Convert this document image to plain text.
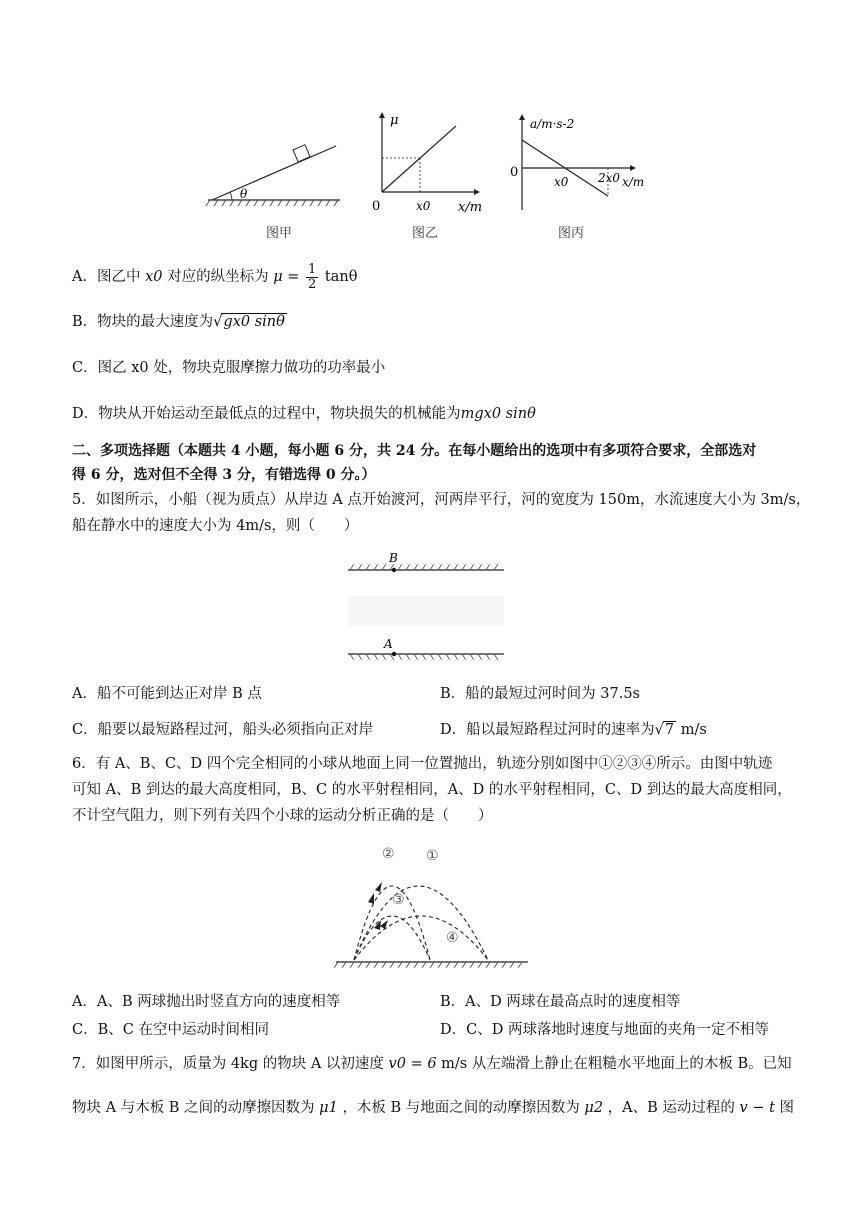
θ
图甲
μ
0	x0 x/m
图乙
a/m·s-2
0
x0 2x0 x/m
图丙
A．图乙中 x0 对应的纵坐标为 $\mu = \frac{1}{2}$ tanθ
B．物块的最大速度为√gx0 sinθ
C．图乙 x0 处，物块克服摩擦力做功的功率最小
D．物块从开始运动至最低点的过程中，物块损失的机械能为mgx0 sinθ
二、多项选择题（本题共 4 小题，每小题 6 分，共 24 分。在每小题给出的选项中有多项符合要求，全部选对
得 6 分，选对但不全得 3 分，有错选得 0 分。）
5．如图所示，小船（视为质点）从岸边 A 点开始渡河，河两岸平行，河的宽度为 150m，水流速度大小为 3m/s，
船在静水中的速度大小为 4m/s，则（　　）
B
A
A．船不可能到达正对岸 B 点	B．船的最短过河时间为 37.5s
C．船要以最短路程过河，船头必须指向正对岸	D．船以最短路程过河时的速率为√7 m/s
6．有 A、B、C、D 四个完全相同的小球从地面上同一位置抛出，轨迹分别如图中①②③④所示。由图中轨迹
可知 A、B 到达的最大高度相同，B、C 的水平射程相同，A、D 的水平射程相同，C、D 到达的最大高度相同，
不计空气阻力，则下列有关四个小球的运动分析正确的是（　　）
② ①
③
④
A．A、B 两球抛出时竖直方向的速度相等	B．A、D 两球在最高点时的速度相等
C．B、C 在空中运动时间相同	D．C、D 两球落地时速度与地面的夹角一定不相等
7．如图甲所示，质量为 4kg 的物块 A 以初速度 v0 = 6 m/s 从左端滑上静止在粗糙水平地面上的木板 B。已知
物块 A 与木板 B 之间的动摩擦因数为 μ1 ，木板 B 与地面之间的动摩擦因数为 μ2 ，A、B 运动过程的 v − t 图
